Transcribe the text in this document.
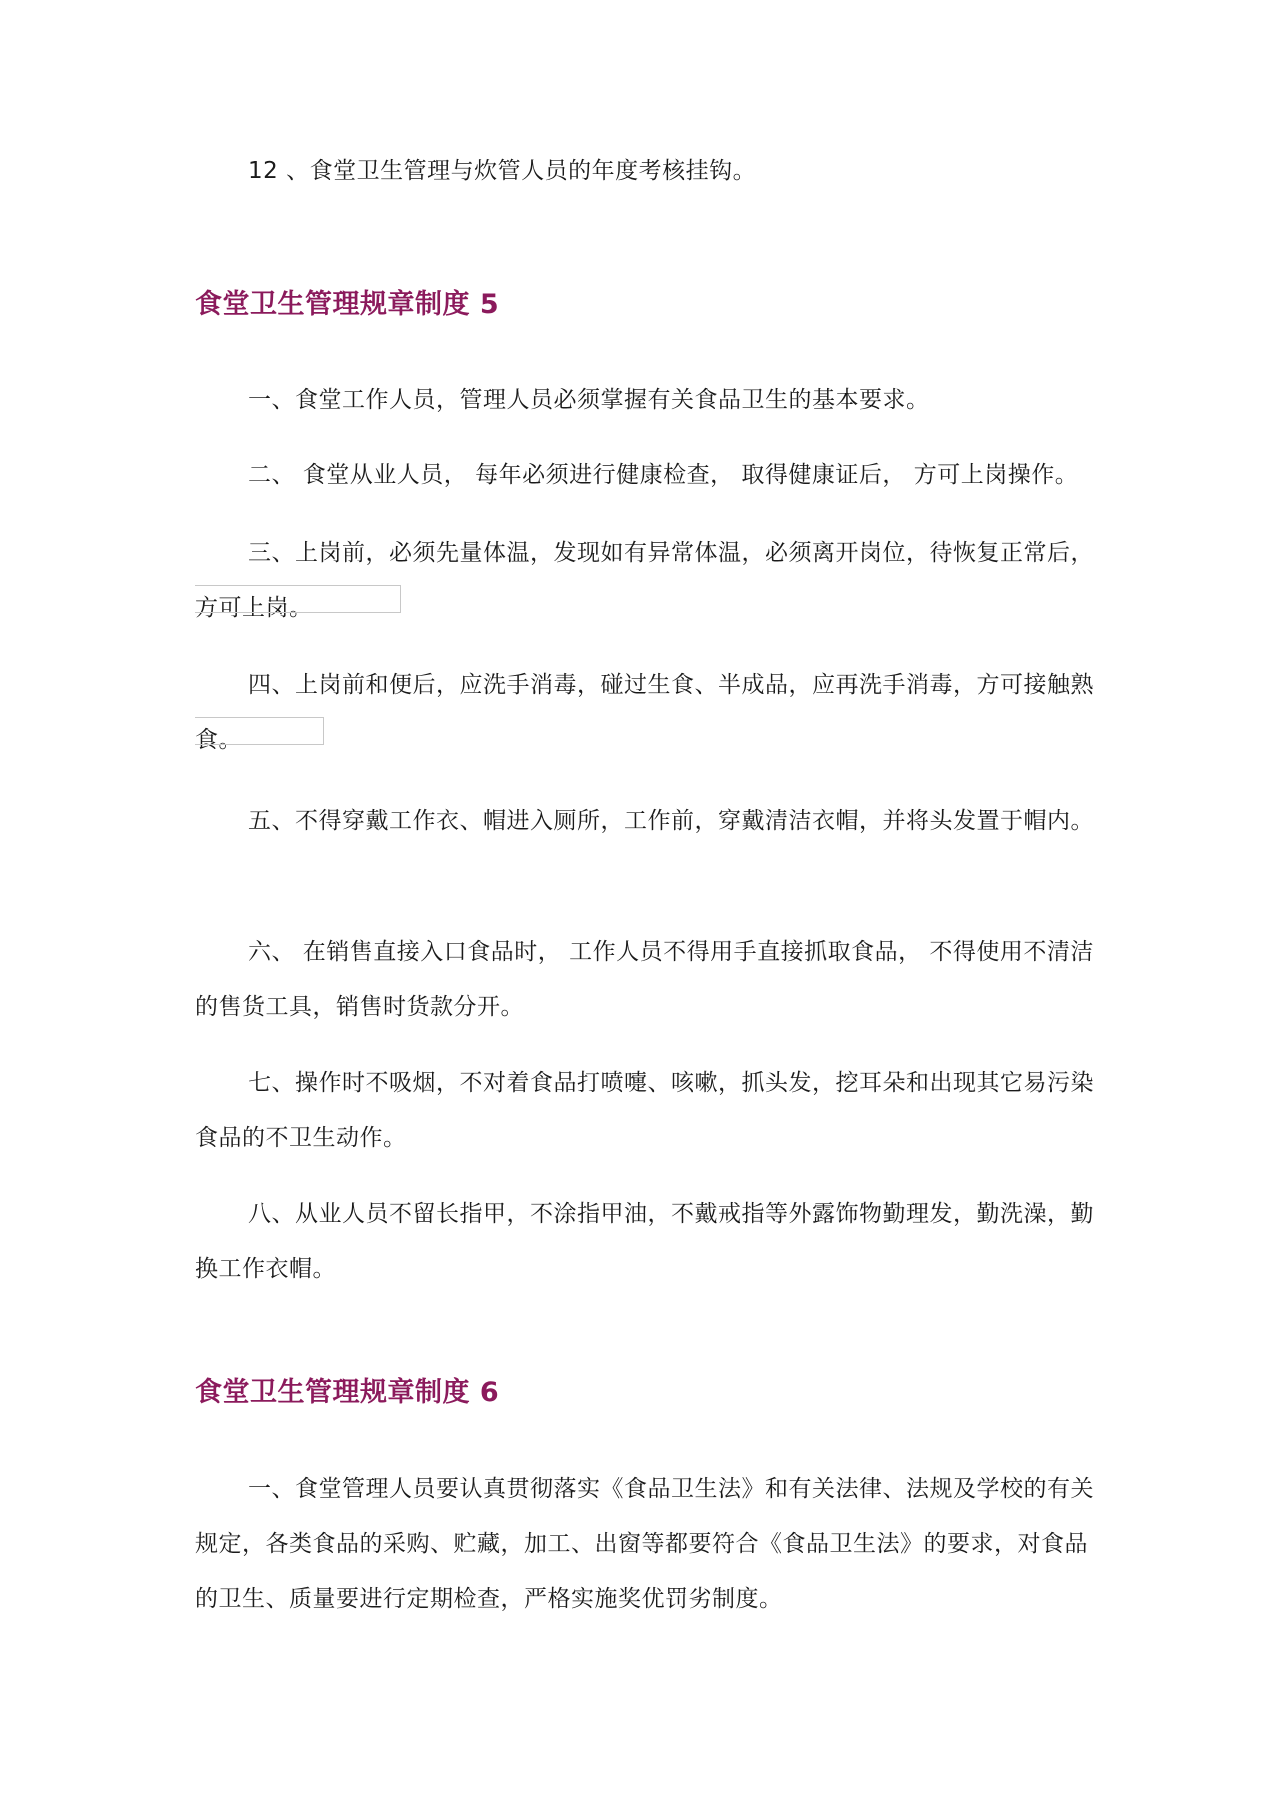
12 、食堂卫生管理与炊管人员的年度考核挂钩。

食堂卫生管理规章制度 5

一、食堂工作人员，管理人员必须掌握有关食品卫生的基本要求。

二、 食堂从业人员， 每年必须进行健康检查， 取得健康证后， 方可上岗操作。

三、上岗前，必须先量体温，发现如有异常体温，必须离开岗位，待恢复正常后，方可上岗。

四、上岗前和便后，应洗手消毒，碰过生食、半成品，应再洗手消毒，方可接触熟食。

五、不得穿戴工作衣、帽进入厕所，工作前，穿戴清洁衣帽，并将头发置于帽内。

六、 在销售直接入口食品时， 工作人员不得用手直接抓取食品， 不得使用不清洁的售货工具，销售时货款分开。

七、操作时不吸烟，不对着食品打喷嚏、咳嗽，抓头发，挖耳朵和出现其它易污染食品的不卫生动作。

八、从业人员不留长指甲，不涂指甲油，不戴戒指等外露饰物勤理发，勤洗澡，勤换工作衣帽。

食堂卫生管理规章制度 6

一、食堂管理人员要认真贯彻落实《食品卫生法》和有关法律、法规及学校的有关规定，各类食品的采购、贮藏，加工、出窗等都要符合《食品卫生法》的要求，对食品的卫生、质量要进行定期检查，严格实施奖优罚劣制度。
